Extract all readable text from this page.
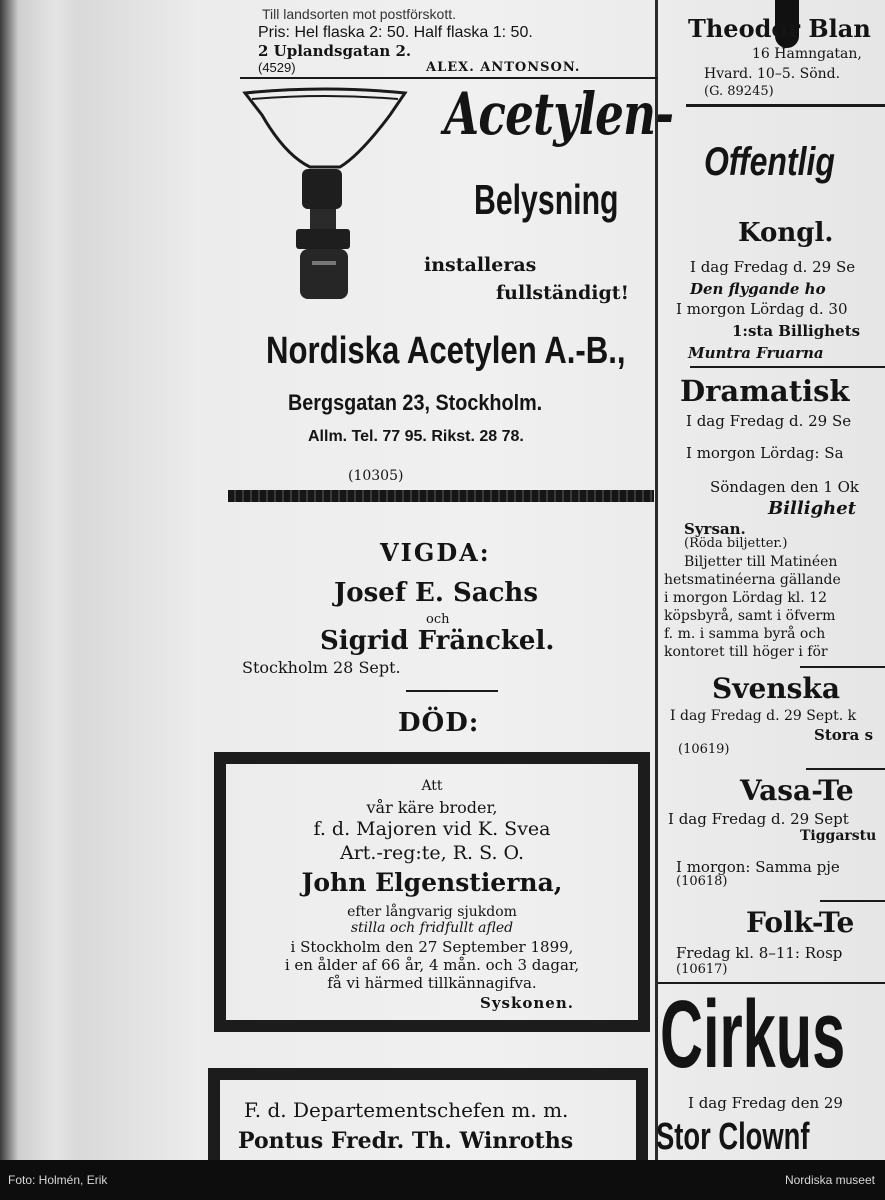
Till landsorten mot postförskott.
Pris: Hel flaska 2: 50. Half flaska 1: 50.
2 Uplandsgatan 2.
(4529)	ALEX. ANTONSON.
Acetylen-
Belysning
installeras
fullständigt!
Nordiska Acetylen A.-B.,
Bergsgatan 23, Stockholm.
Allm. Tel. 77 95. Rikst. 28 78.
(10305)
VIGDA:
Josef E. Sachs
och
Sigrid Fränckel.
Stockholm 28 Sept.
DÖD:
Att
vår käre broder,
f. d. Majoren vid K. Svea
Art.-reg:te, R. S. O.
John Elgenstierna,
efter långvarig sjukdom
stilla och fridfullt afled
i Stockholm den 27 September 1899,
i en ålder af 66 år, 4 mån. och 3 dagar,
få vi härmed tillkännagifva.
Syskonen.
F. d. Departementschefen m. m.
Pontus Fredr. Th. Winroths
Theodor Blan
16 Hamngatan,
Hvard. 10–5. Sönd.
(G. 89245)
Offentlig
Kongl.
I dag Fredag d. 29 Se
Den flygande ho
I morgon Lördag d. 30
1:sta Billighets
Muntra Fruarna
Dramatisk
I dag Fredag d. 29 Se
I morgon Lördag: Sa
Söndagen den 1 Ok
Billighet
Syrsan.
(Röda biljetter.)
Biljetter till Matinéen
hetsmatinéerna gällande
i morgon Lördag kl. 12
köpsbyrå, samt i öfverm
f. m. i samma byrå och
kontoret till höger i för
Svenska
I dag Fredag d. 29 Sept. k
Stora s
(10619)
Vasa-Te
I dag Fredag d. 29 Sept
Tiggarstu
I morgon: Samma pje
(10618)
Folk-Te
Fredag kl. 8–11: Rosp
(10617)
Cirkus
I dag Fredag den 29
Stor Clownf
Foto: Holmén, Erik	Nordiska museet
